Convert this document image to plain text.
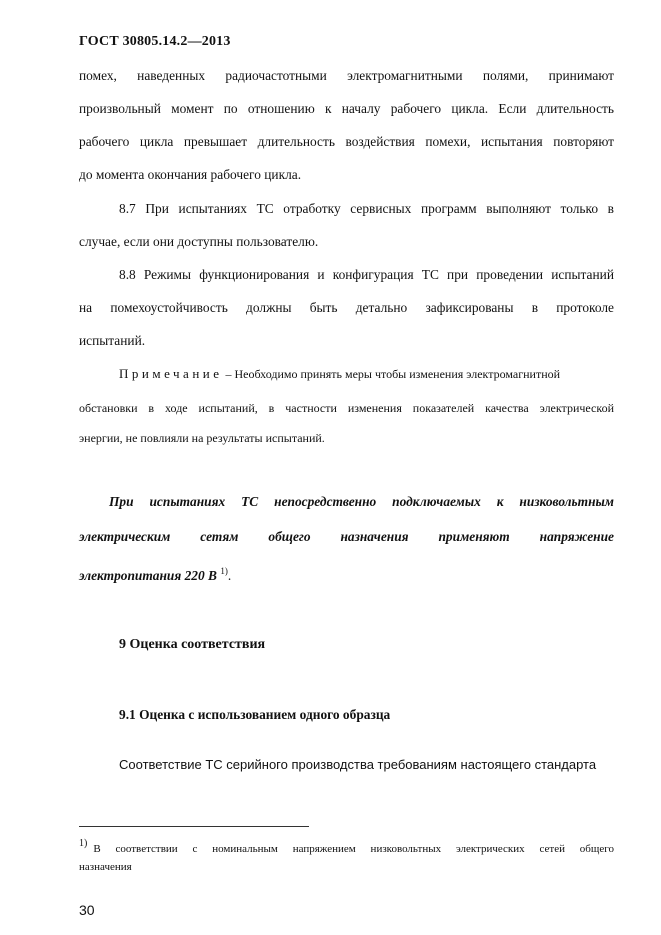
ГОСТ 30805.14.2—2013
помех, наведенных радиочастотными электромагнитными полями, принимают
произвольный момент по отношению к началу рабочего цикла. Если длительность
рабочего цикла превышает длительность воздействия помехи, испытания повторяют
до момента окончания рабочего цикла.
8.7 При испытаниях ТС отработку сервисных программ выполняют только в
случае, если они доступны пользователю.
8.8 Режимы функционирования и конфигурация ТС при проведении испытаний
на помехоустойчивость должны быть детально зафиксированы в протоколе
испытаний.
Примечание – Необходимо принять меры чтобы изменения электромагнитной
обстановки в ходе испытаний, в частности изменения показателей качества электрической
энергии, не повлияли на результаты испытаний.
При испытаниях ТС непосредственно подключаемых к низковольтным
электрическим сетям общего назначения применяют напряжение
электропитания 220 В $^{1)}$.
9 Оценка соответствия
9.1 Оценка с использованием одного образца
Соответствие ТС серийного производства требованиям настоящего стандарта
$^{1)}$ В соответствии с номинальным напряжением низковольтных электрических сетей общего
назначения
30
